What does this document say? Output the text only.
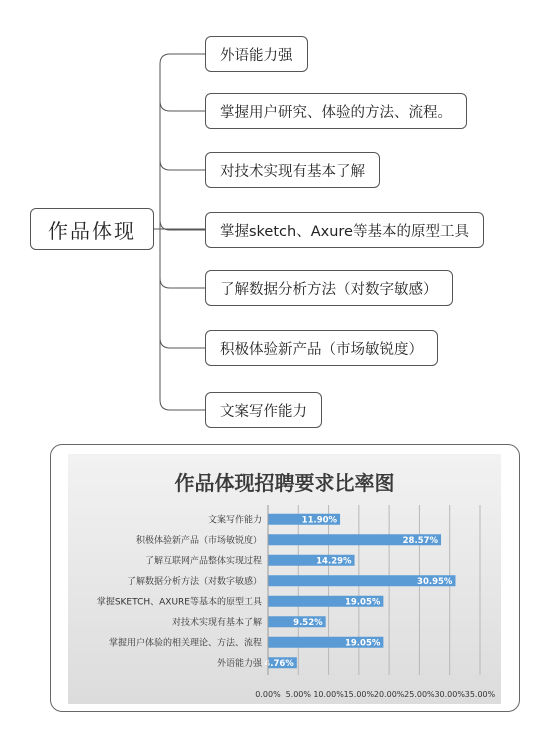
作品体现
外语能力强
掌握用户研究、体验的方法、流程。
对技术实现有基本了解
掌握sketch、Axure等基本的原型工具
了解数据分析方法（对数字敏感）
积极体验新产品（市场敏锐度）
文案写作能力
作品体现招聘要求比率图
0.00% 5.00% 10.00% 15.00% 20.00% 25.00% 30.00% 35.00%
文案写作能力	11.90%
积极体验新产品（市场敏锐度）	28.57%
了解互联网产品整体实现过程	14.29%
了解数据分析方法（对数字敏感）	30.95%
掌握SKETCH、AXURE等基本的原型工具	19.05%
对技术实现有基本了解	9.52%
掌握用户体验的相关理论、方法、流程	19.05%
外语能力强 4.76%
